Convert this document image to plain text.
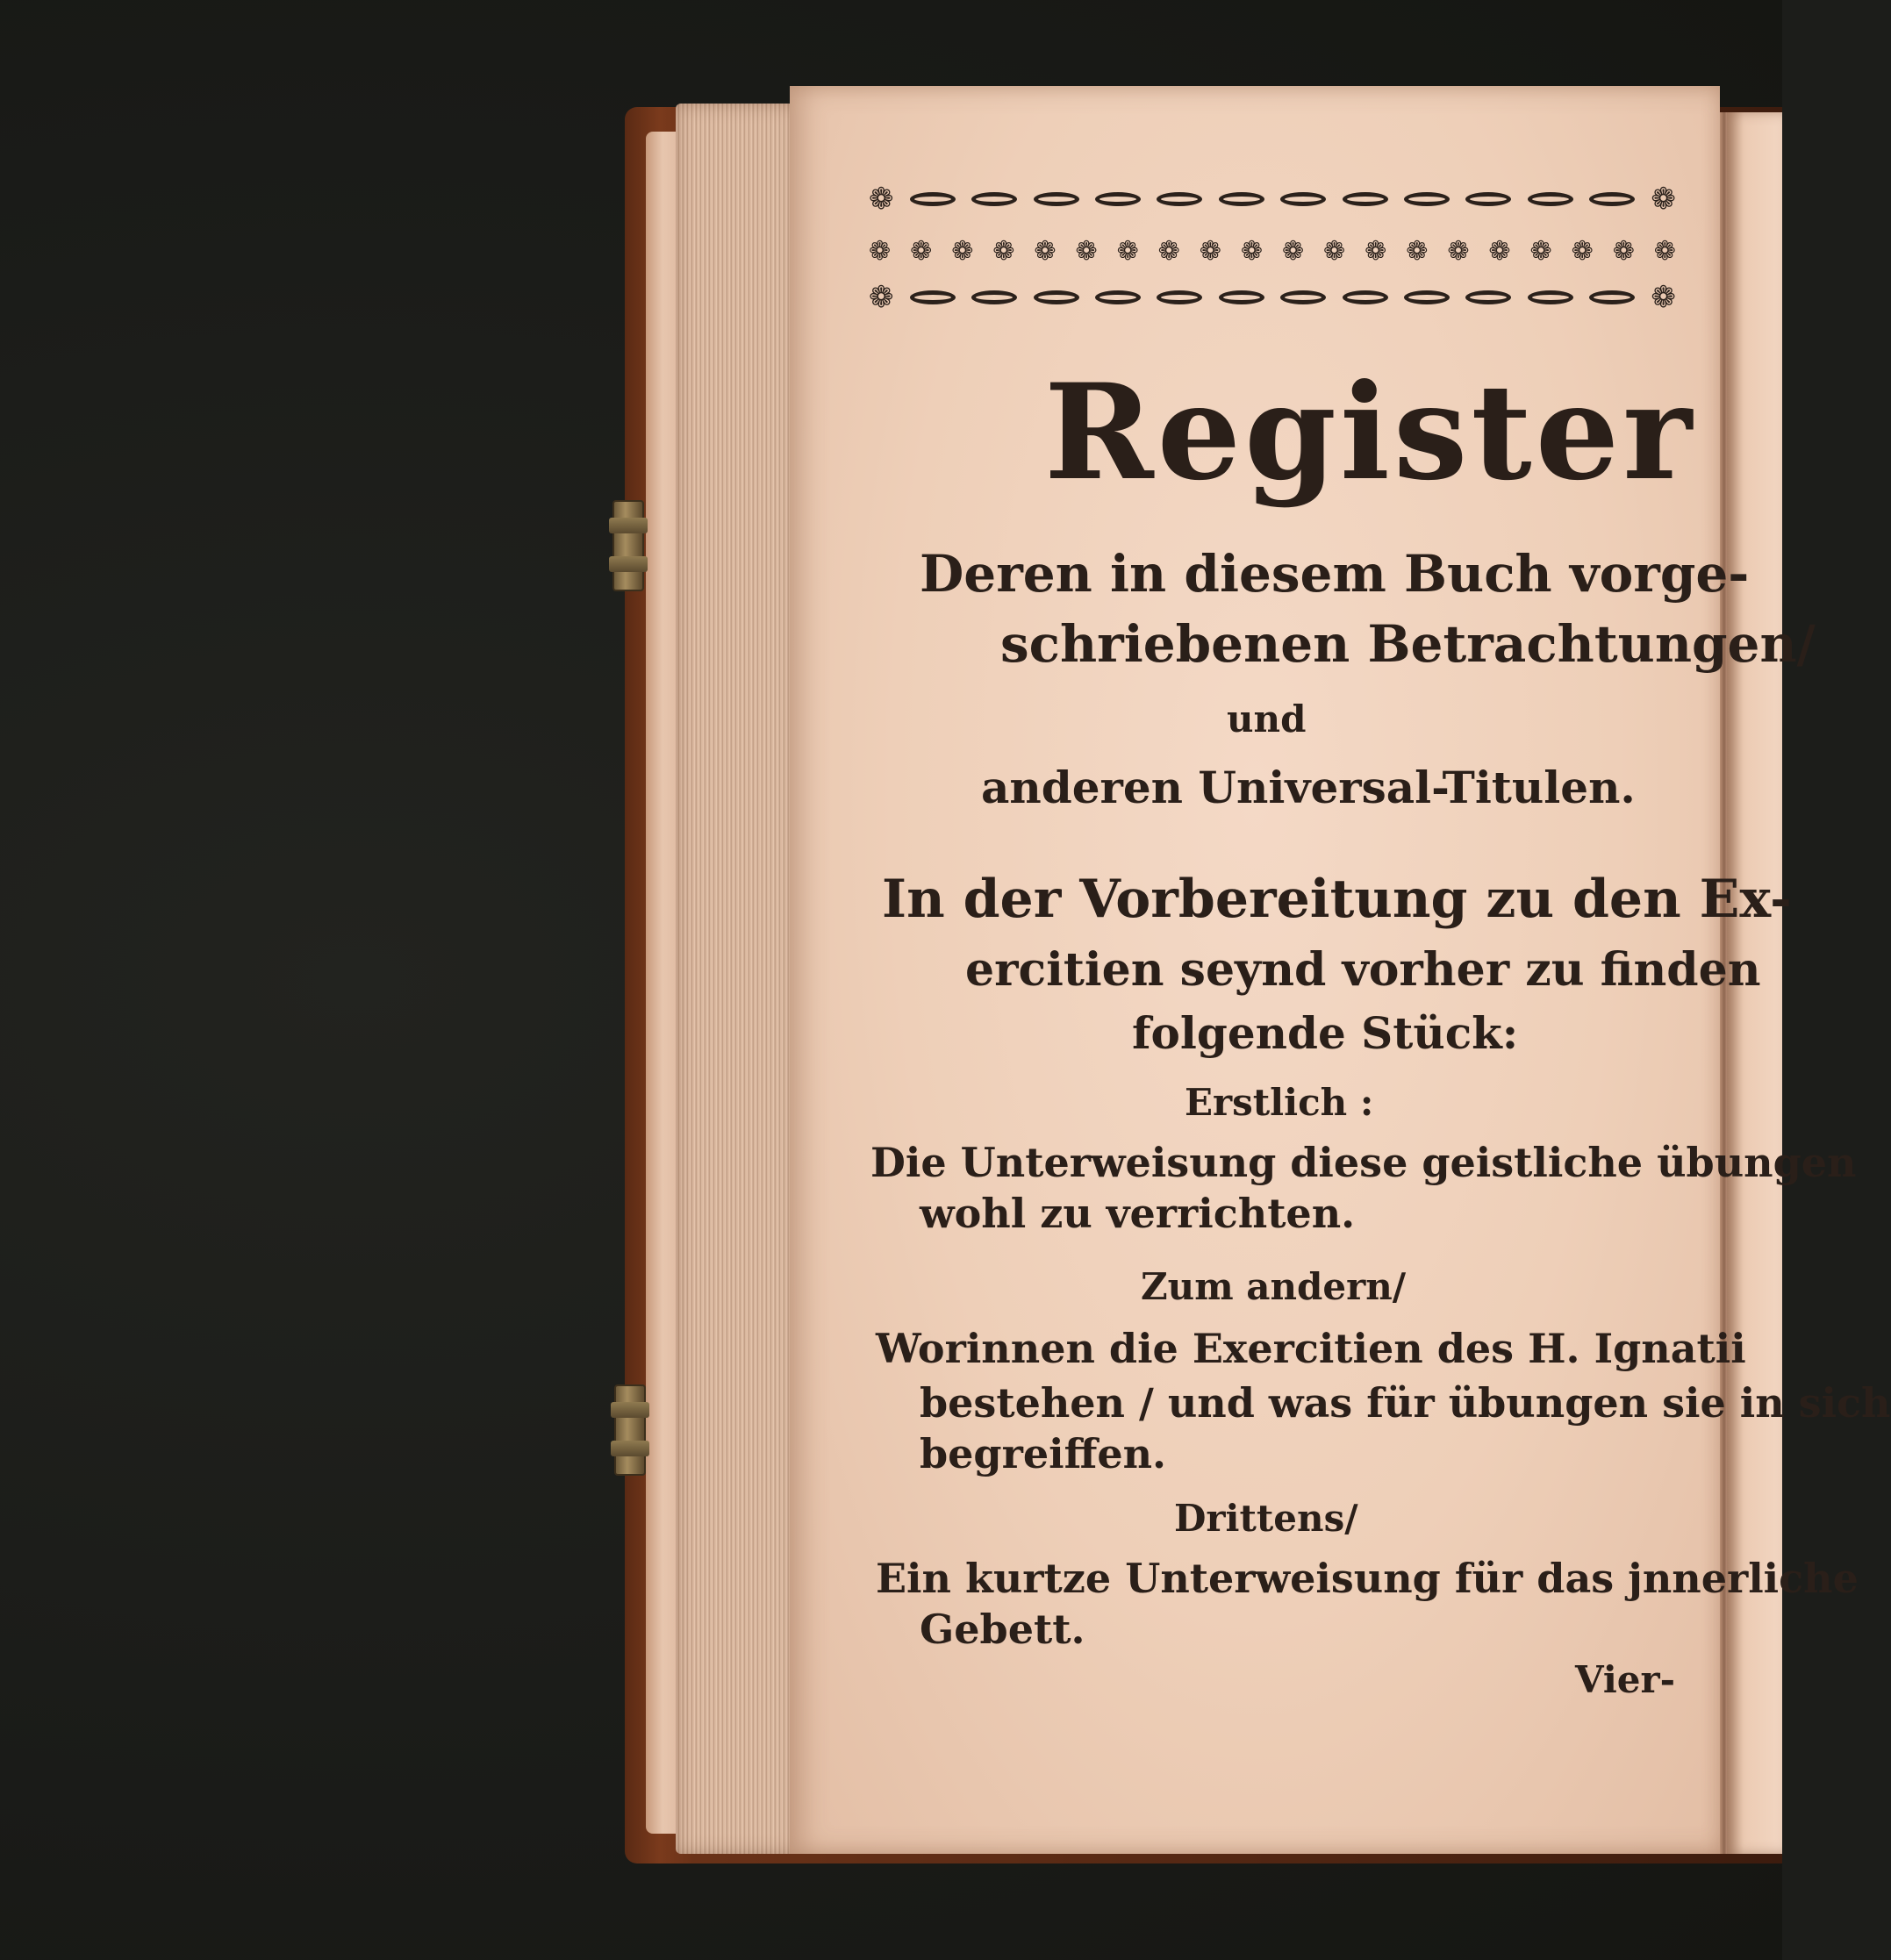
❁	❁
❁ ❁ ❁ ❁ ❁ ❁ ❁ ❁ ❁ ❁ ❁ ❁ ❁ ❁ ❁ ❁ ❁ ❁ ❁ ❁
❁	❁
Register
Deren in diesem Buch vorge-
schriebenen Betrachtungen/
und
anderen Universal-Titulen.
In der Vorbereitung zu den Ex-
ercitien seynd vorher zu finden
folgende Stück:
Erstlich :
Die Unterweisung diese geistliche übungen
wohl zu verrichten.
Zum andern/
Worinnen die Exercitien des H. Ignatii
bestehen / und was für übungen sie in sich
begreiffen.
Drittens/
Ein kurtze Unterweisung für das jnnerliche
Gebett.
Vier-
